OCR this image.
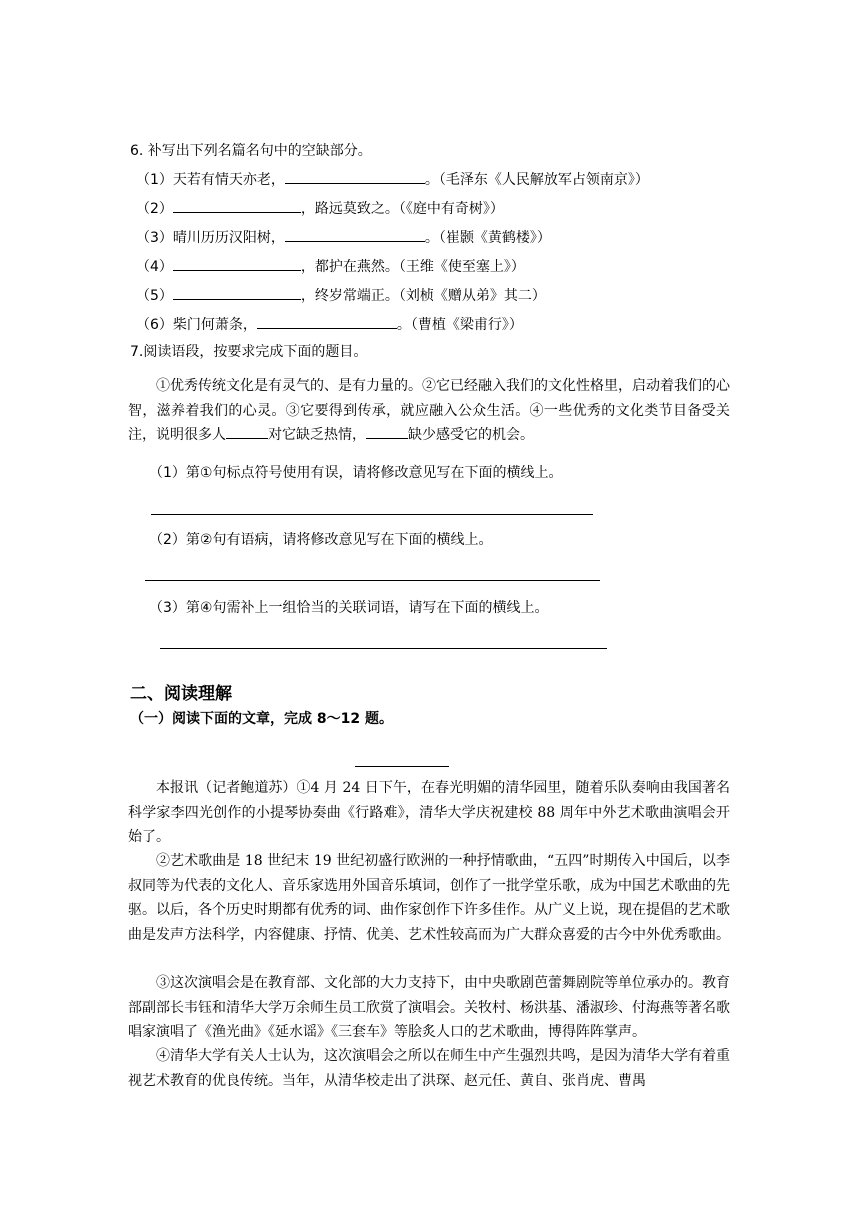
6. 补写出下列名篇名句中的空缺部分。
（1）天若有情天亦老，	。（毛泽东《人民解放军占领南京》）
（2）	，路远莫致之。（《庭中有奇树》）
（3）晴川历历汉阳树，	。（崔颢《黄鹤楼》）
（4）	，都护在燕然。（王维《使至塞上》）
（5）	，终岁常端正。（刘桢《赠从弟》其二）
（6）柴门何萧条，	。（曹植《梁甫行》）
7.阅读语段，按要求完成下面的题目。
①优秀传统文化是有灵气的、是有力量的。②它已经融入我们的文化性格里，启动着我们的心智，滋养着我们的心灵。③它要得到传承，就应融入公众生活。④一些优秀的文化类节目备受关注，说明很多人	对它缺乏热情，	缺少感受它的机会。
（1）第①句标点符号使用有误，请将修改意见写在下面的横线上。
（2）第②句有语病，请将修改意见写在下面的横线上。
（3）第④句需补上一组恰当的关联词语，请写在下面的横线上。
二、阅读理解
（一）阅读下面的文章，完成 8～12 题。
本报讯（记者鲍道苏）①4 月 24 日下午，在春光明媚的清华园里，随着乐队奏响由我国著名科学家李四光创作的小提琴协奏曲《行路难》，清华大学庆祝建校 88 周年中外艺术歌曲演唱会开始了。
②艺术歌曲是 18 世纪末 19 世纪初盛行欧洲的一种抒情歌曲，“五四”时期传入中国后，以李叔同等为代表的文化人、音乐家选用外国音乐填词，创作了一批学堂乐歌，成为中国艺术歌曲的先驱。以后，各个历史时期都有优秀的词、曲作家创作下许多佳作。从广义上说，现在提倡的艺术歌曲是发声方法科学，内容健康、抒情、优美、艺术性较高而为广大群众喜爱的古今中外优秀歌曲。
③这次演唱会是在教育部、文化部的大力支持下，由中央歌剧芭蕾舞剧院等单位承办的。教育部副部长韦钰和清华大学万余师生员工欣赏了演唱会。关牧村、杨洪基、潘淑珍、付海燕等著名歌唱家演唱了《渔光曲》《延水谣》《三套车》等脍炙人口的艺术歌曲，博得阵阵掌声。
④清华大学有关人士认为，这次演唱会之所以在师生中产生强烈共鸣，是因为清华大学有着重视艺术教育的优良传统。当年，从清华校走出了洪琛、赵元任、黄自、张肖虎、曹禺
